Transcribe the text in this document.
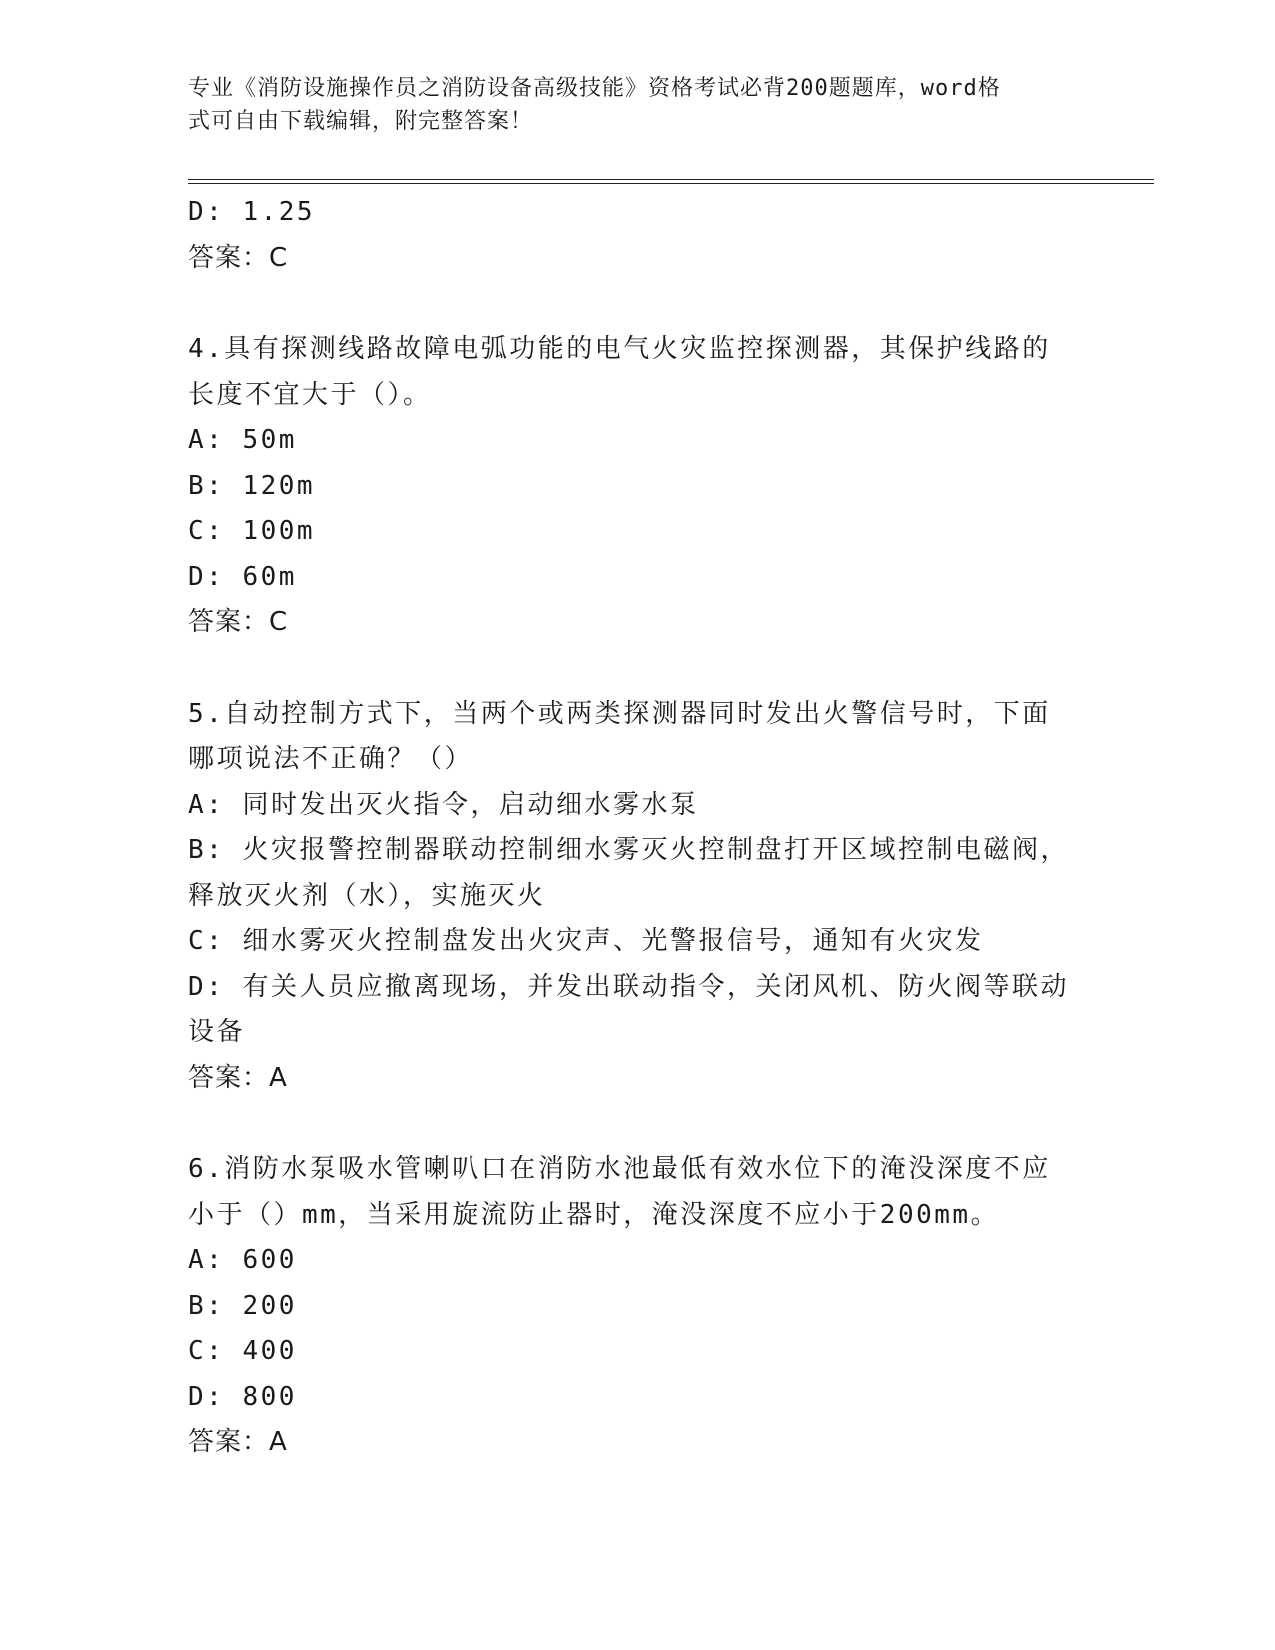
专业《消防设施操作员之消防设备高级技能》资格考试必背200题题库，word格
式可自由下载编辑，附完整答案！
D: 1.25
答案：C
4.具有探测线路故障电弧功能的电气火灾监控探测器，其保护线路的
长度不宜大于（）。
A: 50m
B: 120m
C: 100m
D: 60m
答案：C
5.自动控制方式下，当两个或两类探测器同时发出火警信号时，下面
哪项说法不正确？（）
A: 同时发出灭火指令，启动细水雾水泵
B: 火灾报警控制器联动控制细水雾灭火控制盘打开区域控制电磁阀，
释放灭火剂（水），实施灭火
C: 细水雾灭火控制盘发出火灾声、光警报信号，通知有火灾发
D: 有关人员应撤离现场，并发出联动指令，关闭风机、防火阀等联动
设备
答案：A
6.消防水泵吸水管喇叭口在消防水池最低有效水位下的淹没深度不应
小于（）mm，当采用旋流防止器时，淹没深度不应小于200mm。
A: 600
B: 200
C: 400
D: 800
答案：A
